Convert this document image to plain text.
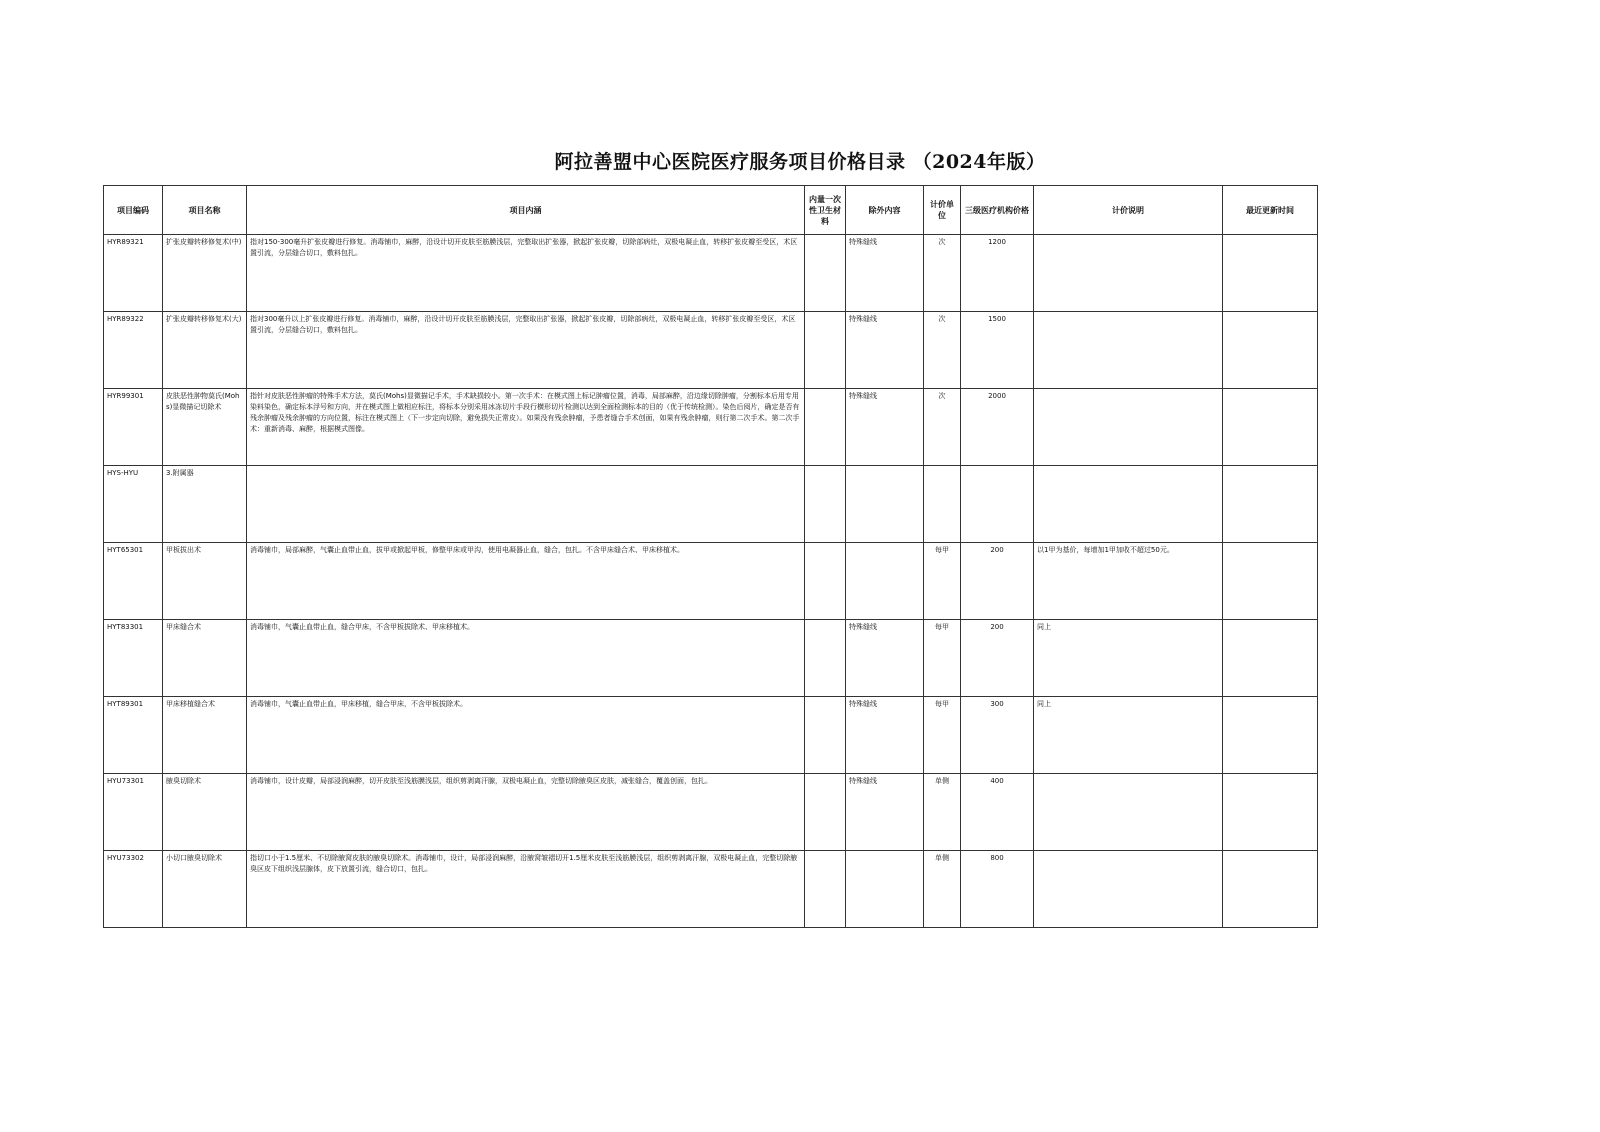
阿拉善盟中心医院医疗服务项目价格目录 （2024年版）
项目编码	项目名称	项目内涵	内量一次性卫生材料	除外内容	计价单位	三级医疗机构价格	计价说明	最近更新时间
HYR89321	扩张皮瓣转移修复术(中)	指对150-300毫升扩张皮瓣进行修复。消毒铺巾，麻醉，沿设计切开皮肤至筋膜浅层，完整取出扩张器，掀起扩张皮瓣，切除部病灶，双极电凝止血，转移扩张皮瓣至受区，术区置引流，分层缝合切口，敷料包扎。		特殊缝线	次	1200		
HYR89322	扩张皮瓣转移修复术(大)	指对300毫升以上扩张皮瓣进行修复。消毒铺巾，麻醉，沿设计切开皮肤至筋膜浅层，完整取出扩张器，掀起扩张皮瓣，切除部病灶，双极电凝止血，转移扩张皮瓣至受区，术区置引流，分层缝合切口，敷料包扎。		特殊缝线	次	1500		
HYR99301	皮肤恶性肿物莫氏(Mohs)显微描记切除术	指针对皮肤恶性肿瘤的特殊手术方法，莫氏(Mohs)显微描记手术，手术缺损较小。第一次手术：在模式图上标记肿瘤位置，消毒，局部麻醉，沿边缘切除肿瘤，分割标本后用专用染料染色，确定标本浮号和方向，并在模式图上做相应标注，将标本分别采用冰冻切片手段行横形切片检测以达到全面检测标本的目的（优于传统检测）。染色后阅片，确定是否有残余肿瘤及残余肿瘤的方向位置，标注在模式图上（下一步定向切除，避免损失正常皮）。如果没有残余肿瘤，予患者缝合手术创面，如果有残余肿瘤，则行第二次手术。第二次手术：重新消毒、麻醉，根据模式图像。		特殊缝线	次	2000		
HYS-HYU	3.附属器							
HYT65301	甲板拔出术	消毒铺巾，局部麻醉，气囊止血带止血，拔甲或掀起甲板，修整甲床或甲沟，使用电凝器止血，缝合，包扎。不含甲床缝合术、甲床移植术。			每甲	200	以1甲为基价，每增加1甲加收不超过50元。	
HYT83301	甲床缝合术	消毒铺巾，气囊止血带止血，缝合甲床，不含甲板拔除术、甲床移植术。		特殊缝线	每甲	200	同上	
HYT89301	甲床移植缝合术	消毒铺巾，气囊止血带止血，甲床移植，缝合甲床，不含甲板拔除术。		特殊缝线	每甲	300	同上	
HYU73301	腋臭切除术	消毒铺巾，设计皮瓣，局部浸润麻醉，切开皮肤至浅筋膜浅层，组织剪剥离汗腺，双极电凝止血，完整切除腋臭区皮肤，减张缝合，覆盖创面，包扎。		特殊缝线	单侧	400		
HYU73302	小切口腋臭切除术	指切口小于1.5厘米、不切除腋窝皮肤的腋臭切除术。消毒铺巾，设计，局部浸润麻醉，沿腋窝皱褶切开1.5厘米皮肤至浅筋膜浅层，组织剪剥离汗腺，双极电凝止血，完整切除腋臭区皮下组织浅层腺体，皮下放置引流，缝合切口，包扎。			单侧	800		
